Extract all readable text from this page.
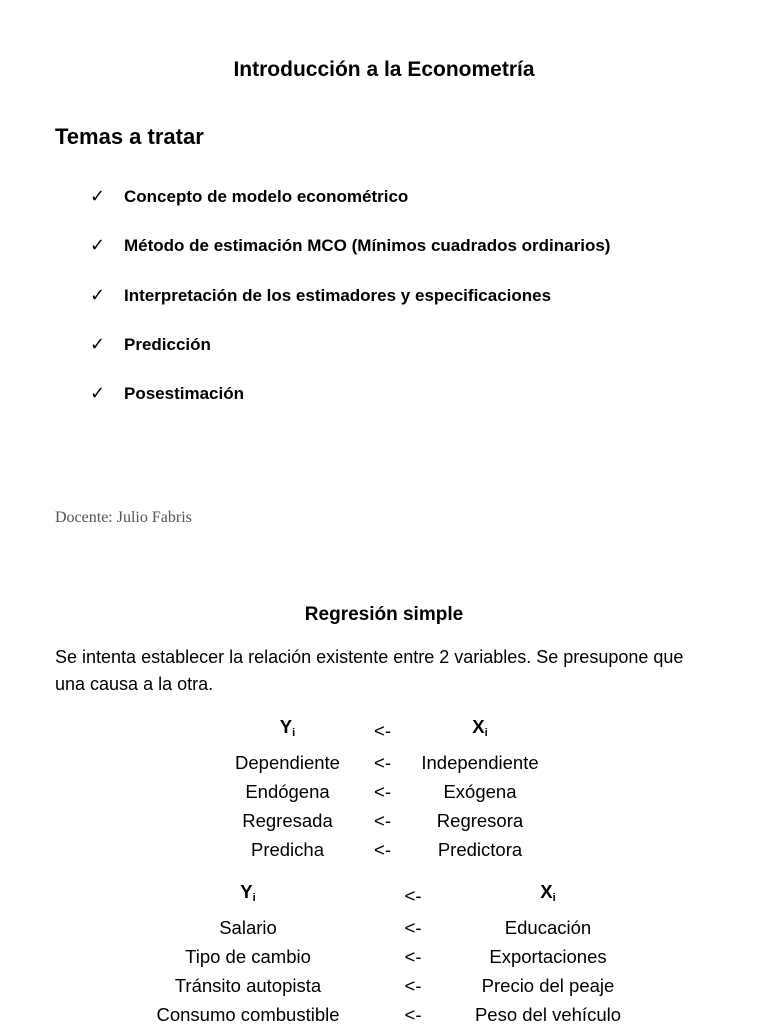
Introducción a la Econometría
Temas a tratar
✓	Concepto de modelo econométrico
✓	Método de estimación MCO (Mínimos cuadrados ordinarios)
✓	Interpretación de los estimadores y especificaciones
✓	Predicción
✓	Posestimación
Docente: Julio Fabris
Regresión simple
Se intenta establecer la relación existente entre 2 variables. Se presupone que una causa a la otra.
$Y_i$	<-	$X_i$
Dependiente	<-	Independiente
Endógena	<-	Exógena
Regresada	<-	Regresora
Predicha	<-	Predictora
$Y_i$	<-	$X_i$
Salario	<-	Educación
Tipo de cambio	<-	Exportaciones
Tránsito autopista	<-	Precio del peaje
Consumo combustible	<-	Peso del vehículo
